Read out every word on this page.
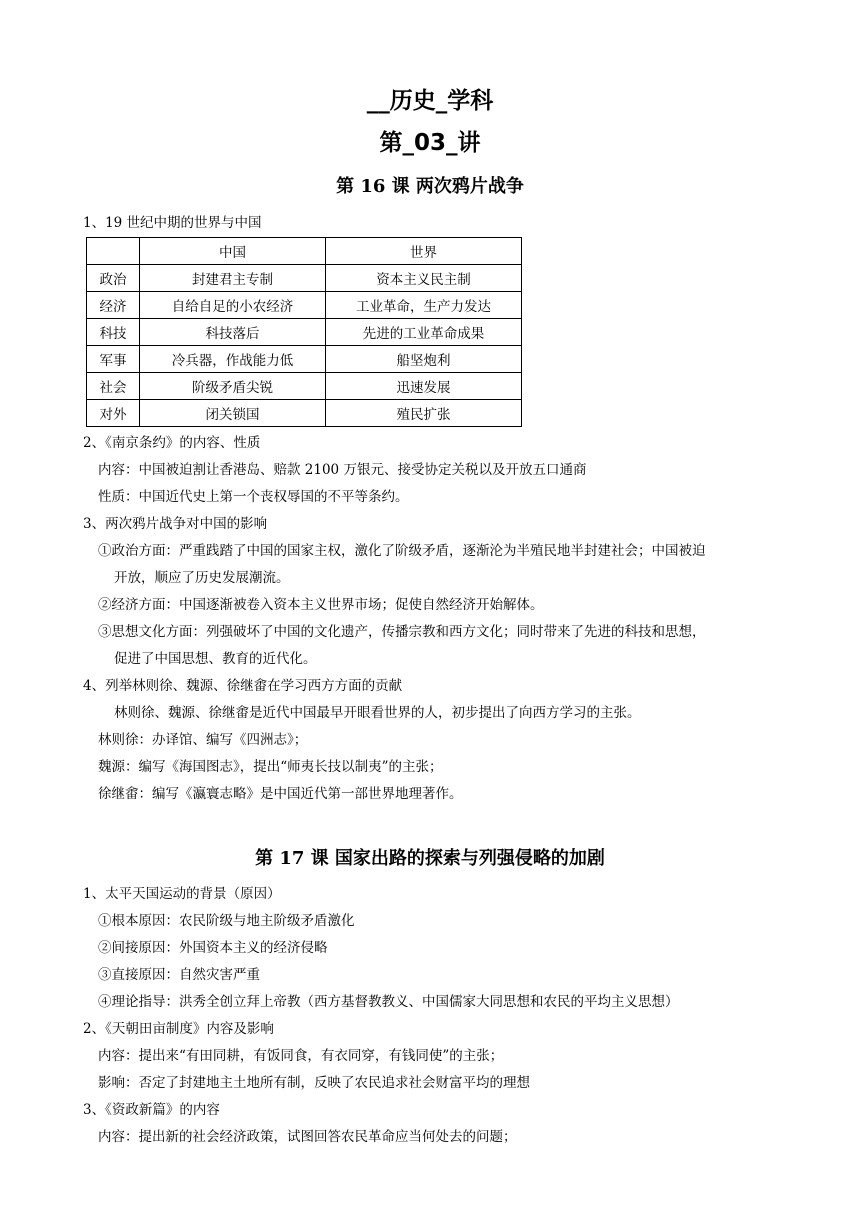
__历史_学科
第_03_讲
第 16 课 两次鸦片战争
1、19 世纪中期的世界与中国
	中国	世界
政治	封建君主专制	资本主义民主制
经济	自给自足的小农经济	工业革命，生产力发达
科技	科技落后	先进的工业革命成果
军事	冷兵器，作战能力低	船坚炮利
社会	阶级矛盾尖锐	迅速发展
对外	闭关锁国	殖民扩张
2、《南京条约》的内容、性质
内容：中国被迫割让香港岛、赔款 2100 万银元、接受协定关税以及开放五口通商
性质：中国近代史上第一个丧权辱国的不平等条约。
3、两次鸦片战争对中国的影响
①政治方面：严重践踏了中国的国家主权，激化了阶级矛盾，逐渐沦为半殖民地半封建社会；中国被迫
开放，顺应了历史发展潮流。
②经济方面：中国逐渐被卷入资本主义世界市场；促使自然经济开始解体。
③思想文化方面：列强破坏了中国的文化遗产，传播宗教和西方文化；同时带来了先进的科技和思想，
促进了中国思想、教育的近代化。
4、列举林则徐、魏源、徐继畬在学习西方方面的贡献
林则徐、魏源、徐继畬是近代中国最早开眼看世界的人，初步提出了向西方学习的主张。
林则徐：办译馆、编写《四洲志》；
魏源：编写《海国图志》，提出“师夷长技以制夷”的主张；
徐继畬：编写《瀛寰志略》是中国近代第一部世界地理著作。
第 17 课 国家出路的探索与列强侵略的加剧
1、太平天国运动的背景（原因）
①根本原因：农民阶级与地主阶级矛盾激化
②间接原因：外国资本主义的经济侵略
③直接原因：自然灾害严重
④理论指导：洪秀全创立拜上帝教（西方基督教教义、中国儒家大同思想和农民的平均主义思想）
2、《天朝田亩制度》内容及影响
内容：提出来“有田同耕，有饭同食，有衣同穿，有钱同使”的主张；
影响：否定了封建地主土地所有制，反映了农民追求社会财富平均的理想
3、《资政新篇》的内容
内容：提出新的社会经济政策，试图回答农民革命应当何处去的问题；
